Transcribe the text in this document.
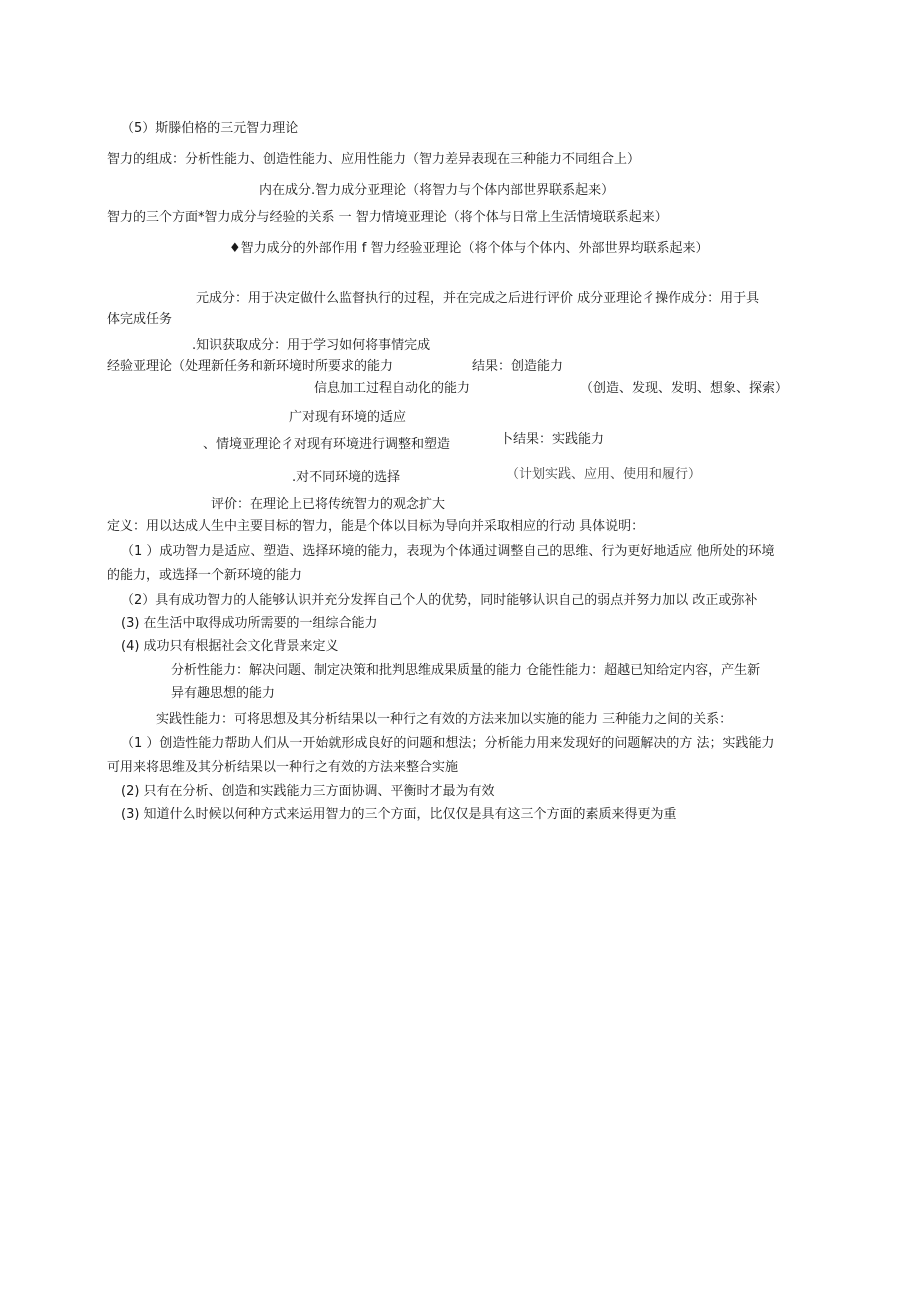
（5）斯滕伯格的三元智力理论
智力的组成：分析性能力、创造性能力、应用性能力（智力差异表现在三种能力不同组合上）
内在成分.智力成分亚理论（将智力与个体内部世界联系起来）
智力的三个方面*智力成分与经验的关系 一 智力情境亚理论（将个体与日常上生活情境联系起来）
♦智力成分的外部作用 f 智力经验亚理论（将个体与个体内、外部世界均联系起来）
元成分：用于决定做什么监督执行的过程，并在完成之后进行评价 成分亚理论彳操作成分：用于具
体完成任务
.知识获取成分：用于学习如何将事情完成
经验亚理论（处理新任务和新环境时所要求的能力	结果：创造能力
信息加工过程自动化的能力	（创造、发现、发明、想象、探索）
广对现有环境的适应
、情境亚理论彳对现有环境进行调整和塑造	卜结果：实践能力
（计划实践、应用、使用和履行）
.对不同环境的选择
评价：在理论上已将传统智力的观念扩大
定义：用以达成人生中主要目标的智力，能是个体以目标为导向并采取相应的行动 具体说明：
（1 ）成功智力是适应、塑造、选择环境的能力，表现为个体通过调整自己的思维、行为更好地适应 他所处的环境
的能力，或选择一个新环境的能力
（2）具有成功智力的人能够认识并充分发挥自己个人的优势，同时能够认识自己的弱点并努力加以 改正或弥补
(3) 在生活中取得成功所需要的一组综合能力
(4) 成功只有根据社会文化背景来定义
分析性能力：解决问题、制定决策和批判思维成果质量的能力 仓能性能力：超越已知给定内容，产生新
异有趣思想的能力
实践性能力：可将思想及其分析结果以一种行之有效的方法来加以实施的能力 三种能力之间的关系：
（1 ）创造性能力帮助人们从一开始就形成良好的问题和想法；分析能力用来发现好的问题解决的方 法；实践能力
可用来将思维及其分析结果以一种行之有效的方法来整合实施
(2) 只有在分析、创造和实践能力三方面协调、平衡时才最为有效
(3) 知道什么时候以何种方式来运用智力的三个方面，比仅仅是具有这三个方面的素质来得更为重
